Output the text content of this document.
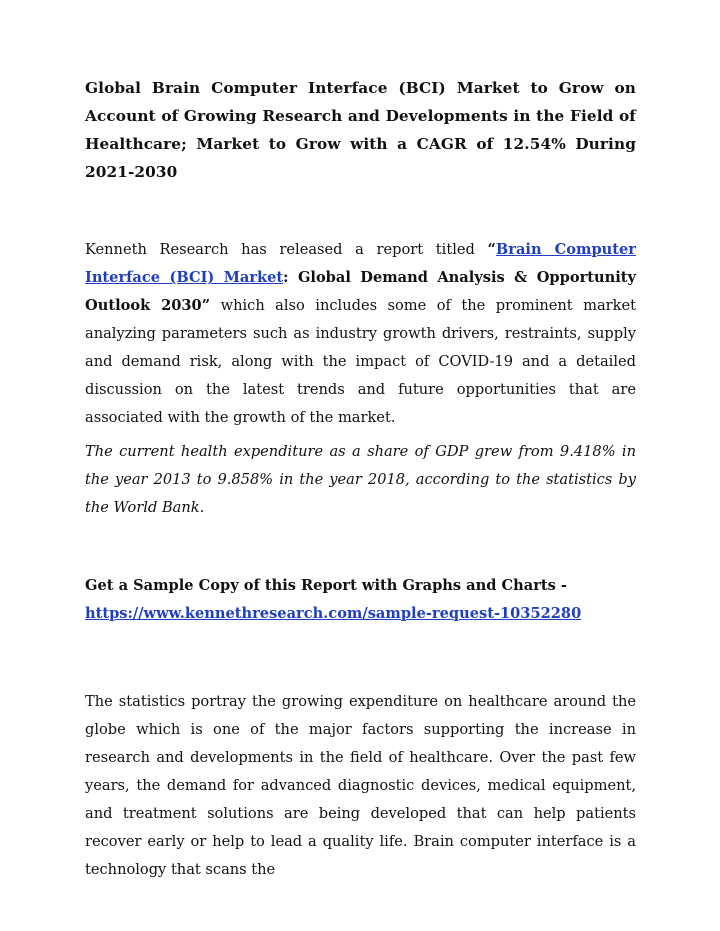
Global Brain Computer Interface (BCI) Market to Grow on Account of Growing Research and Developments in the Field of Healthcare; Market to Grow with a CAGR of 12.54% During 2021-2030

Kenneth Research has released a report titled “Brain Computer Interface (BCI) Market: Global Demand Analysis & Opportunity Outlook 2030” which also includes some of the prominent market analyzing parameters such as industry growth drivers, restraints, supply and demand risk, along with the impact of COVID-19 and a detailed discussion on the latest trends and future opportunities that are associated with the growth of the market.

The current health expenditure as a share of GDP grew from 9.418% in the year 2013 to 9.858% in the year 2018, according to the statistics by the World Bank.

Get a Sample Copy of this Report with Graphs and Charts -

https://www.kennethresearch.com/sample-request-10352280

The statistics portray the growing expenditure on healthcare around the globe which is one of the major factors supporting the increase in research and developments in the field of healthcare. Over the past few years, the demand for advanced diagnostic devices, medical equipment, and treatment solutions are being developed that can help patients recover early or help to lead a quality life. Brain computer interface is a technology that scans the
